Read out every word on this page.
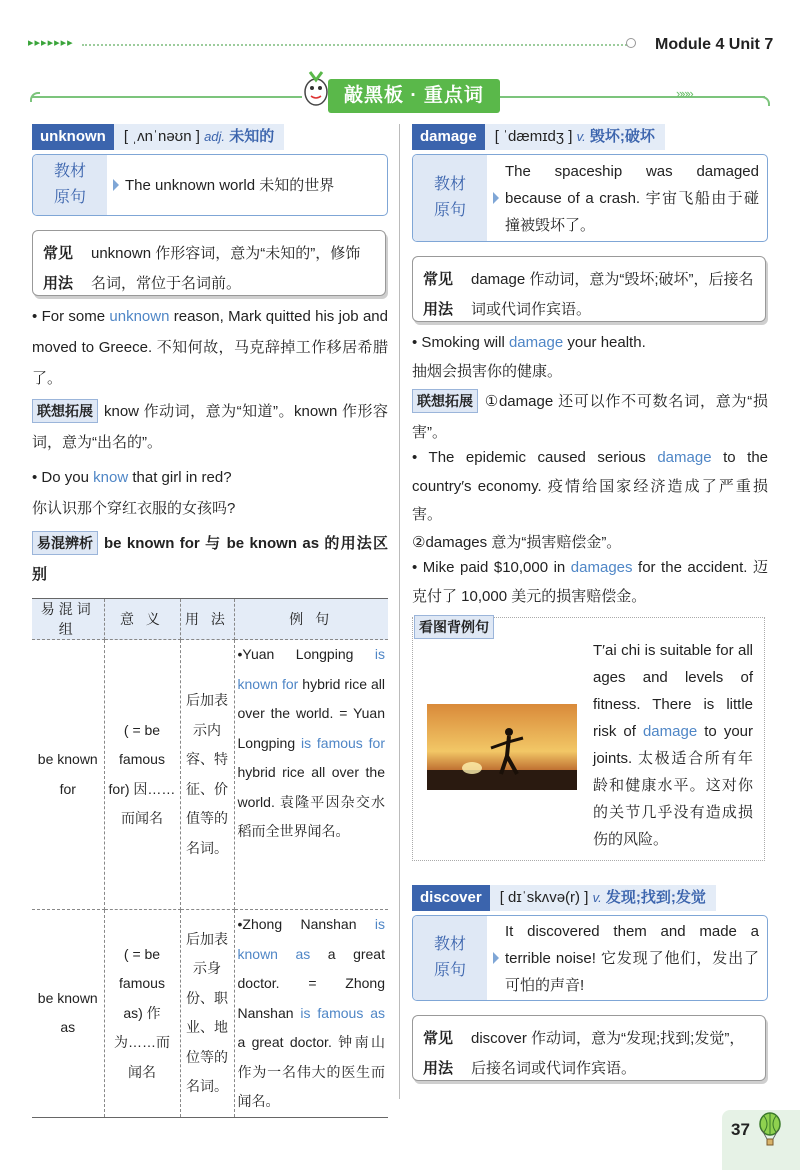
▸▸▸▸▸▸▸	Module 4 Unit 7
»»»
敲黑板 · 重点词
unknown	[ ˌʌnˈnəʊn ] adj. 未知的
教材
原句
The unknown world 未知的世界
常见
用法
unknown 作形容词，意为“未知的”，修饰名词，常位于名词前。
• For some unknown reason, Mark quitted his job and moved to Greece. 不知何故，马克辞掉工作移居希腊了。
联想拓展 know 作动词，意为“知道”。known 作形容词，意为“出名的”。
• Do you know that girl in red?
你认识那个穿红衣服的女孩吗?
易混辨析 be known for 与 be known as 的用法区别
易混词组	意 义	用 法	例 句
be known for	( = be famous for) 因……而闻名	后加表示内容、特征、价值等的名词。	•Yuan Longping is known for hybrid rice all over the world. = Yuan Longping is famous for hybrid rice all over the world. 袁隆平因杂交水稻而全世界闻名。
be known as	( = be famous as) 作为……而闻名	后加表示身份、职业、地位等的名词。	•Zhong Nanshan is known as a great doctor. = Zhong Nanshan is famous as a great doctor. 钟南山作为一名伟大的医生而闻名。
damage	[ ˈdæmɪdʒ ] v. 毁坏;破坏
教材
原句
The spaceship was damaged because of a crash. 宇宙飞船由于碰撞被毁坏了。
常见
用法
damage 作动词，意为“毁坏;破坏”，后接名词或代词作宾语。
• Smoking will damage your health.
抽烟会损害你的健康。
联想拓展 ①damage 还可以作不可数名词，意为“损害”。
• The epidemic caused serious damage to the country′s economy. 疫情给国家经济造成了严重损害。
②damages 意为“损害赔偿金”。
• Mike paid $10,000 in damages for the accident. 迈克付了 10,000 美元的损害赔偿金。
看图背例句
T′ai chi is suitable for all ages and levels of fitness. There is little risk of damage to your joints. 太极适合所有年龄和健康水平。这对你的关节几乎没有造成损伤的风险。
discover	[ dɪˈskʌvə(r) ] v. 发现;找到;发觉
教材
原句
It discovered them and made a terrible noise! 它发现了他们，发出了可怕的声音!
常见
用法
discover 作动词，意为“发现;找到;发觉”，后接名词或代词作宾语。
37
